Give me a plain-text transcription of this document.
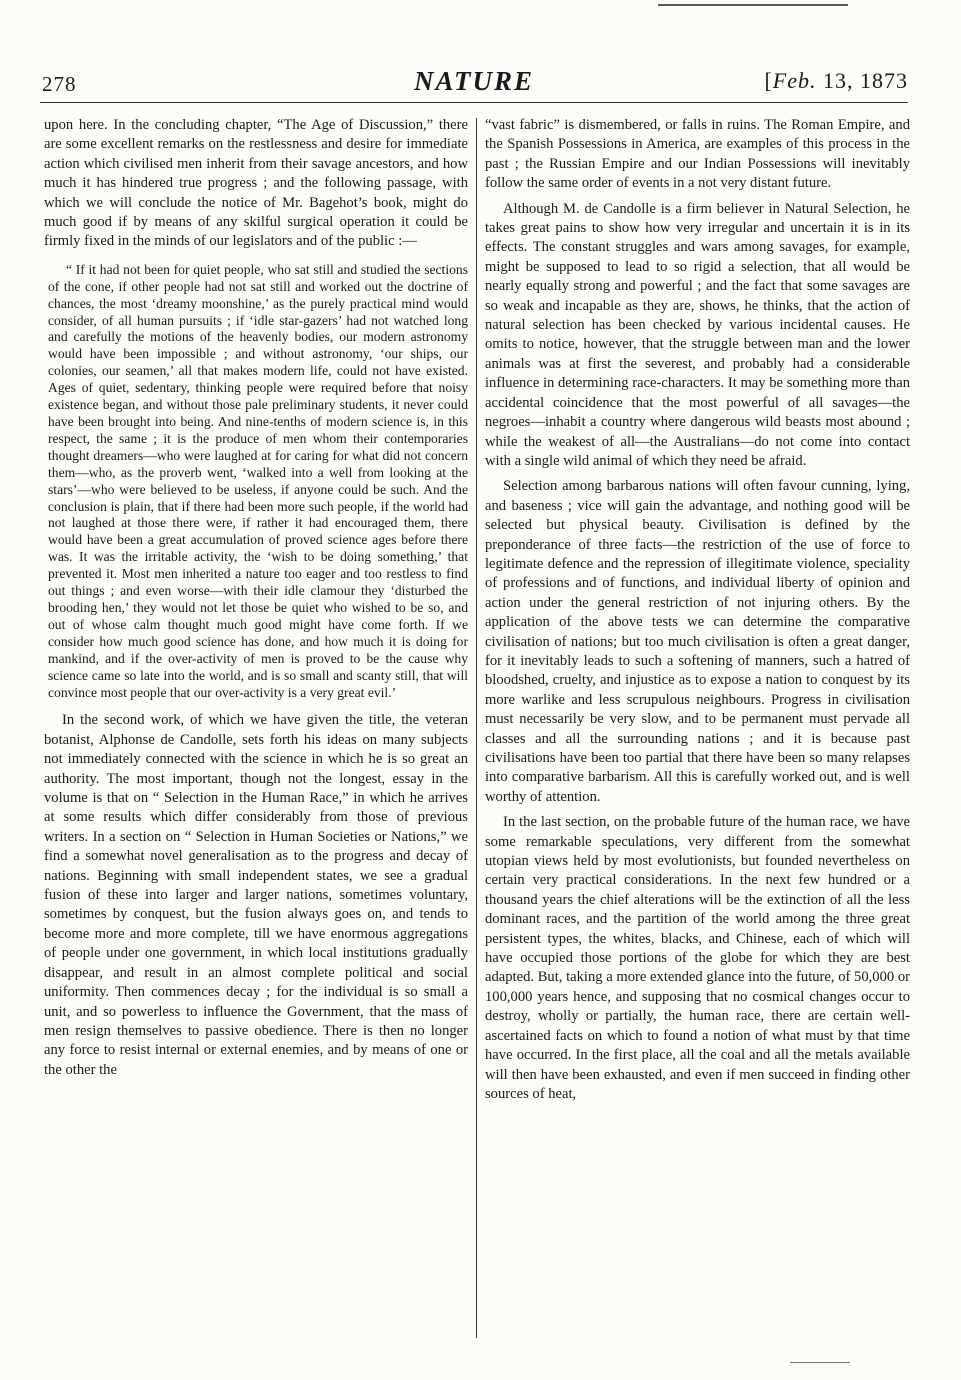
278	NATURE	[Feb. 13, 1873

upon here. In the concluding chapter, “The Age of Discussion,” there are some excellent remarks on the restlessness and desire for immediate action which civilised men inherit from their savage ancestors, and how much it has hindered true progress ; and the following passage, with which we will conclude the notice of Mr. Bagehot’s book, might do much good if by means of any skilful surgical operation it could be firmly fixed in the minds of our legislators and of the public :—

“ If it had not been for quiet people, who sat still and studied the sections of the cone, if other people had not sat still and worked out the doctrine of chances, the most ‘dreamy moonshine,’ as the purely practical mind would consider, of all human pursuits ; if ‘idle star-gazers’ had not watched long and carefully the motions of the heavenly bodies, our modern astronomy would have been impossible ; and without astronomy, ‘our ships, our colonies, our seamen,’ all that makes modern life, could not have existed. Ages of quiet, sedentary, thinking people were required before that noisy existence began, and without those pale preliminary students, it never could have been brought into being. And nine-tenths of modern science is, in this respect, the same ; it is the produce of men whom their contemporaries thought dreamers—who were laughed at for caring for what did not concern them—who, as the proverb went, ‘walked into a well from looking at the stars’—who were believed to be useless, if anyone could be such. And the conclusion is plain, that if there had been more such people, if the world had not laughed at those there were, if rather it had encouraged them, there would have been a great accumulation of proved science ages before there was. It was the irritable activity, the ‘wish to be doing something,’ that prevented it. Most men inherited a nature too eager and too restless to find out things ; and even worse—with their idle clamour they ‘disturbed the brooding hen,’ they would not let those be quiet who wished to be so, and out of whose calm thought much good might have come forth. If we consider how much good science has done, and how much it is doing for mankind, and if the over-activity of men is proved to be the cause why science came so late into the world, and is so small and scanty still, that will convince most people that our over-activity is a very great evil.’

In the second work, of which we have given the title, the veteran botanist, Alphonse de Candolle, sets forth his ideas on many subjects not immediately connected with the science in which he is so great an authority. The most important, though not the longest, essay in the volume is that on “ Selection in the Human Race,” in which he arrives at some results which differ considerably from those of previous writers. In a section on “ Selection in Human Societies or Nations,” we find a somewhat novel generalisation as to the progress and decay of nations. Beginning with small independent states, we see a gradual fusion of these into larger and larger nations, sometimes voluntary, sometimes by conquest, but the fusion always goes on, and tends to become more and more complete, till we have enormous aggregations of people under one government, in which local institutions gradually disappear, and result in an almost complete political and social uniformity. Then commences decay ; for the individual is so small a unit, and so powerless to influence the Government, that the mass of men resign themselves to passive obedience. There is then no longer any force to resist internal or external enemies, and by means of one or the other the

“vast fabric” is dismembered, or falls in ruins. The Roman Empire, and the Spanish Possessions in America, are examples of this process in the past ; the Russian Empire and our Indian Possessions will inevitably follow the same order of events in a not very distant future.

Although M. de Candolle is a firm believer in Natural Selection, he takes great pains to show how very irregular and uncertain it is in its effects. The constant struggles and wars among savages, for example, might be supposed to lead to so rigid a selection, that all would be nearly equally strong and powerful ; and the fact that some savages are so weak and incapable as they are, shows, he thinks, that the action of natural selection has been checked by various incidental causes. He omits to notice, however, that the struggle between man and the lower animals was at first the severest, and probably had a considerable influence in determining race-characters. It may be something more than accidental coincidence that the most powerful of all savages—the negroes—inhabit a country where dangerous wild beasts most abound ; while the weakest of all—the Australians—do not come into contact with a single wild animal of which they need be afraid.

Selection among barbarous nations will often favour cunning, lying, and baseness ; vice will gain the advantage, and nothing good will be selected but physical beauty. Civilisation is defined by the preponderance of three facts—the restriction of the use of force to legitimate defence and the repression of illegitimate violence, speciality of professions and of functions, and individual liberty of opinion and action under the general restriction of not injuring others. By the application of the above tests we can determine the comparative civilisation of nations; but too much civilisation is often a great danger, for it inevitably leads to such a softening of manners, such a hatred of bloodshed, cruelty, and injustice as to expose a nation to conquest by its more warlike and less scrupulous neighbours. Progress in civilisation must necessarily be very slow, and to be permanent must pervade all classes and all the surrounding nations ; and it is because past civilisations have been too partial that there have been so many relapses into comparative barbarism. All this is carefully worked out, and is well worthy of attention.

In the last section, on the probable future of the human race, we have some remarkable speculations, very different from the somewhat utopian views held by most evolutionists, but founded nevertheless on certain very practical considerations. In the next few hundred or a thousand years the chief alterations will be the extinction of all the less dominant races, and the partition of the world among the three great persistent types, the whites, blacks, and Chinese, each of which will have occupied those portions of the globe for which they are best adapted. But, taking a more extended glance into the future, of 50,000 or 100,000 years hence, and supposing that no cosmical changes occur to destroy, wholly or partially, the human race, there are certain well-ascertained facts on which to found a notion of what must by that time have occurred. In the first place, all the coal and all the metals available will then have been exhausted, and even if men succeed in finding other sources of heat,
